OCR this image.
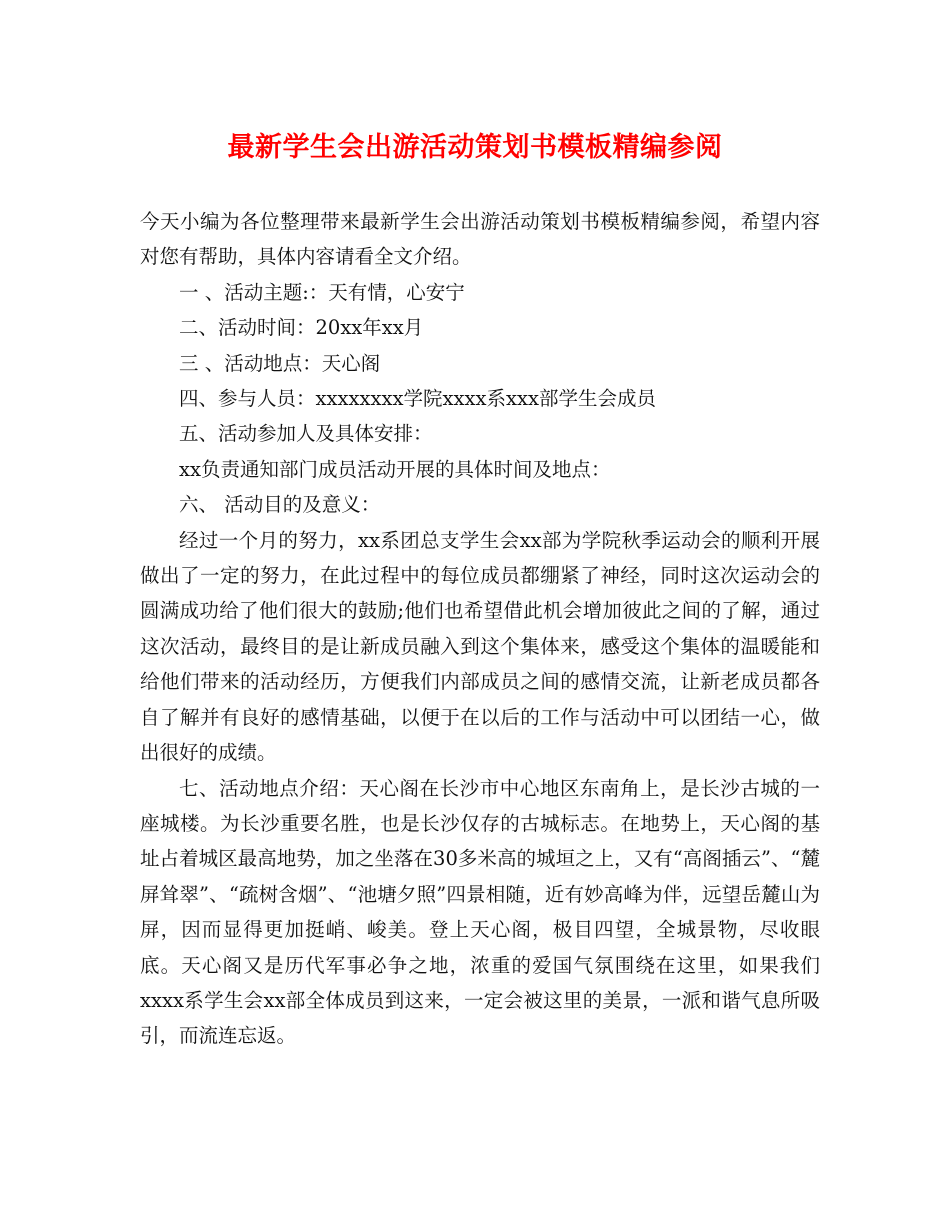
最新学生会出游活动策划书模板精编参阅

今天小编为各位整理带来最新学生会出游活动策划书模板精编参阅，希望内容对您有帮助，具体内容请看全文介绍。

一 、活动主题:：天有情，心安宁

二、活动时间：20xx年xx月

三 、活动地点：天心阁

四、参与人员：xxxxxxxx学院xxxx系xxx部学生会成员

五、活动参加人及具体安排：

xx负责通知部门成员活动开展的具体时间及地点：

六、 活动目的及意义：

经过一个月的努力，xx系团总支学生会xx部为学院秋季运动会的顺利开展做出了一定的努力，在此过程中的每位成员都绷紧了神经，同时这次运动会的圆满成功给了他们很大的鼓励;他们也希望借此机会增加彼此之间的了解，通过这次活动，最终目的是让新成员融入到这个集体来，感受这个集体的温暖能和给他们带来的活动经历，方便我们内部成员之间的感情交流，让新老成员都各自了解并有良好的感情基础，以便于在以后的工作与活动中可以团结一心，做出很好的成绩。

七、活动地点介绍：天心阁在长沙市中心地区东南角上，是长沙古城的一座城楼。为长沙重要名胜，也是长沙仅存的古城标志。在地势上，天心阁的基址占着城区最高地势，加之坐落在30多米高的城垣之上，又有“高阁插云”、“麓屏耸翠”、“疏树含烟”、“池塘夕照”四景相随，近有妙高峰为伴，远望岳麓山为屏，因而显得更加挺峭、峻美。登上天心阁，极目四望，全城景物，尽收眼底。天心阁又是历代军事必争之地，浓重的爱国气氛围绕在这里，如果我们xxxx系学生会xx部全体成员到这来，一定会被这里的美景，一派和谐气息所吸引，而流连忘返。
